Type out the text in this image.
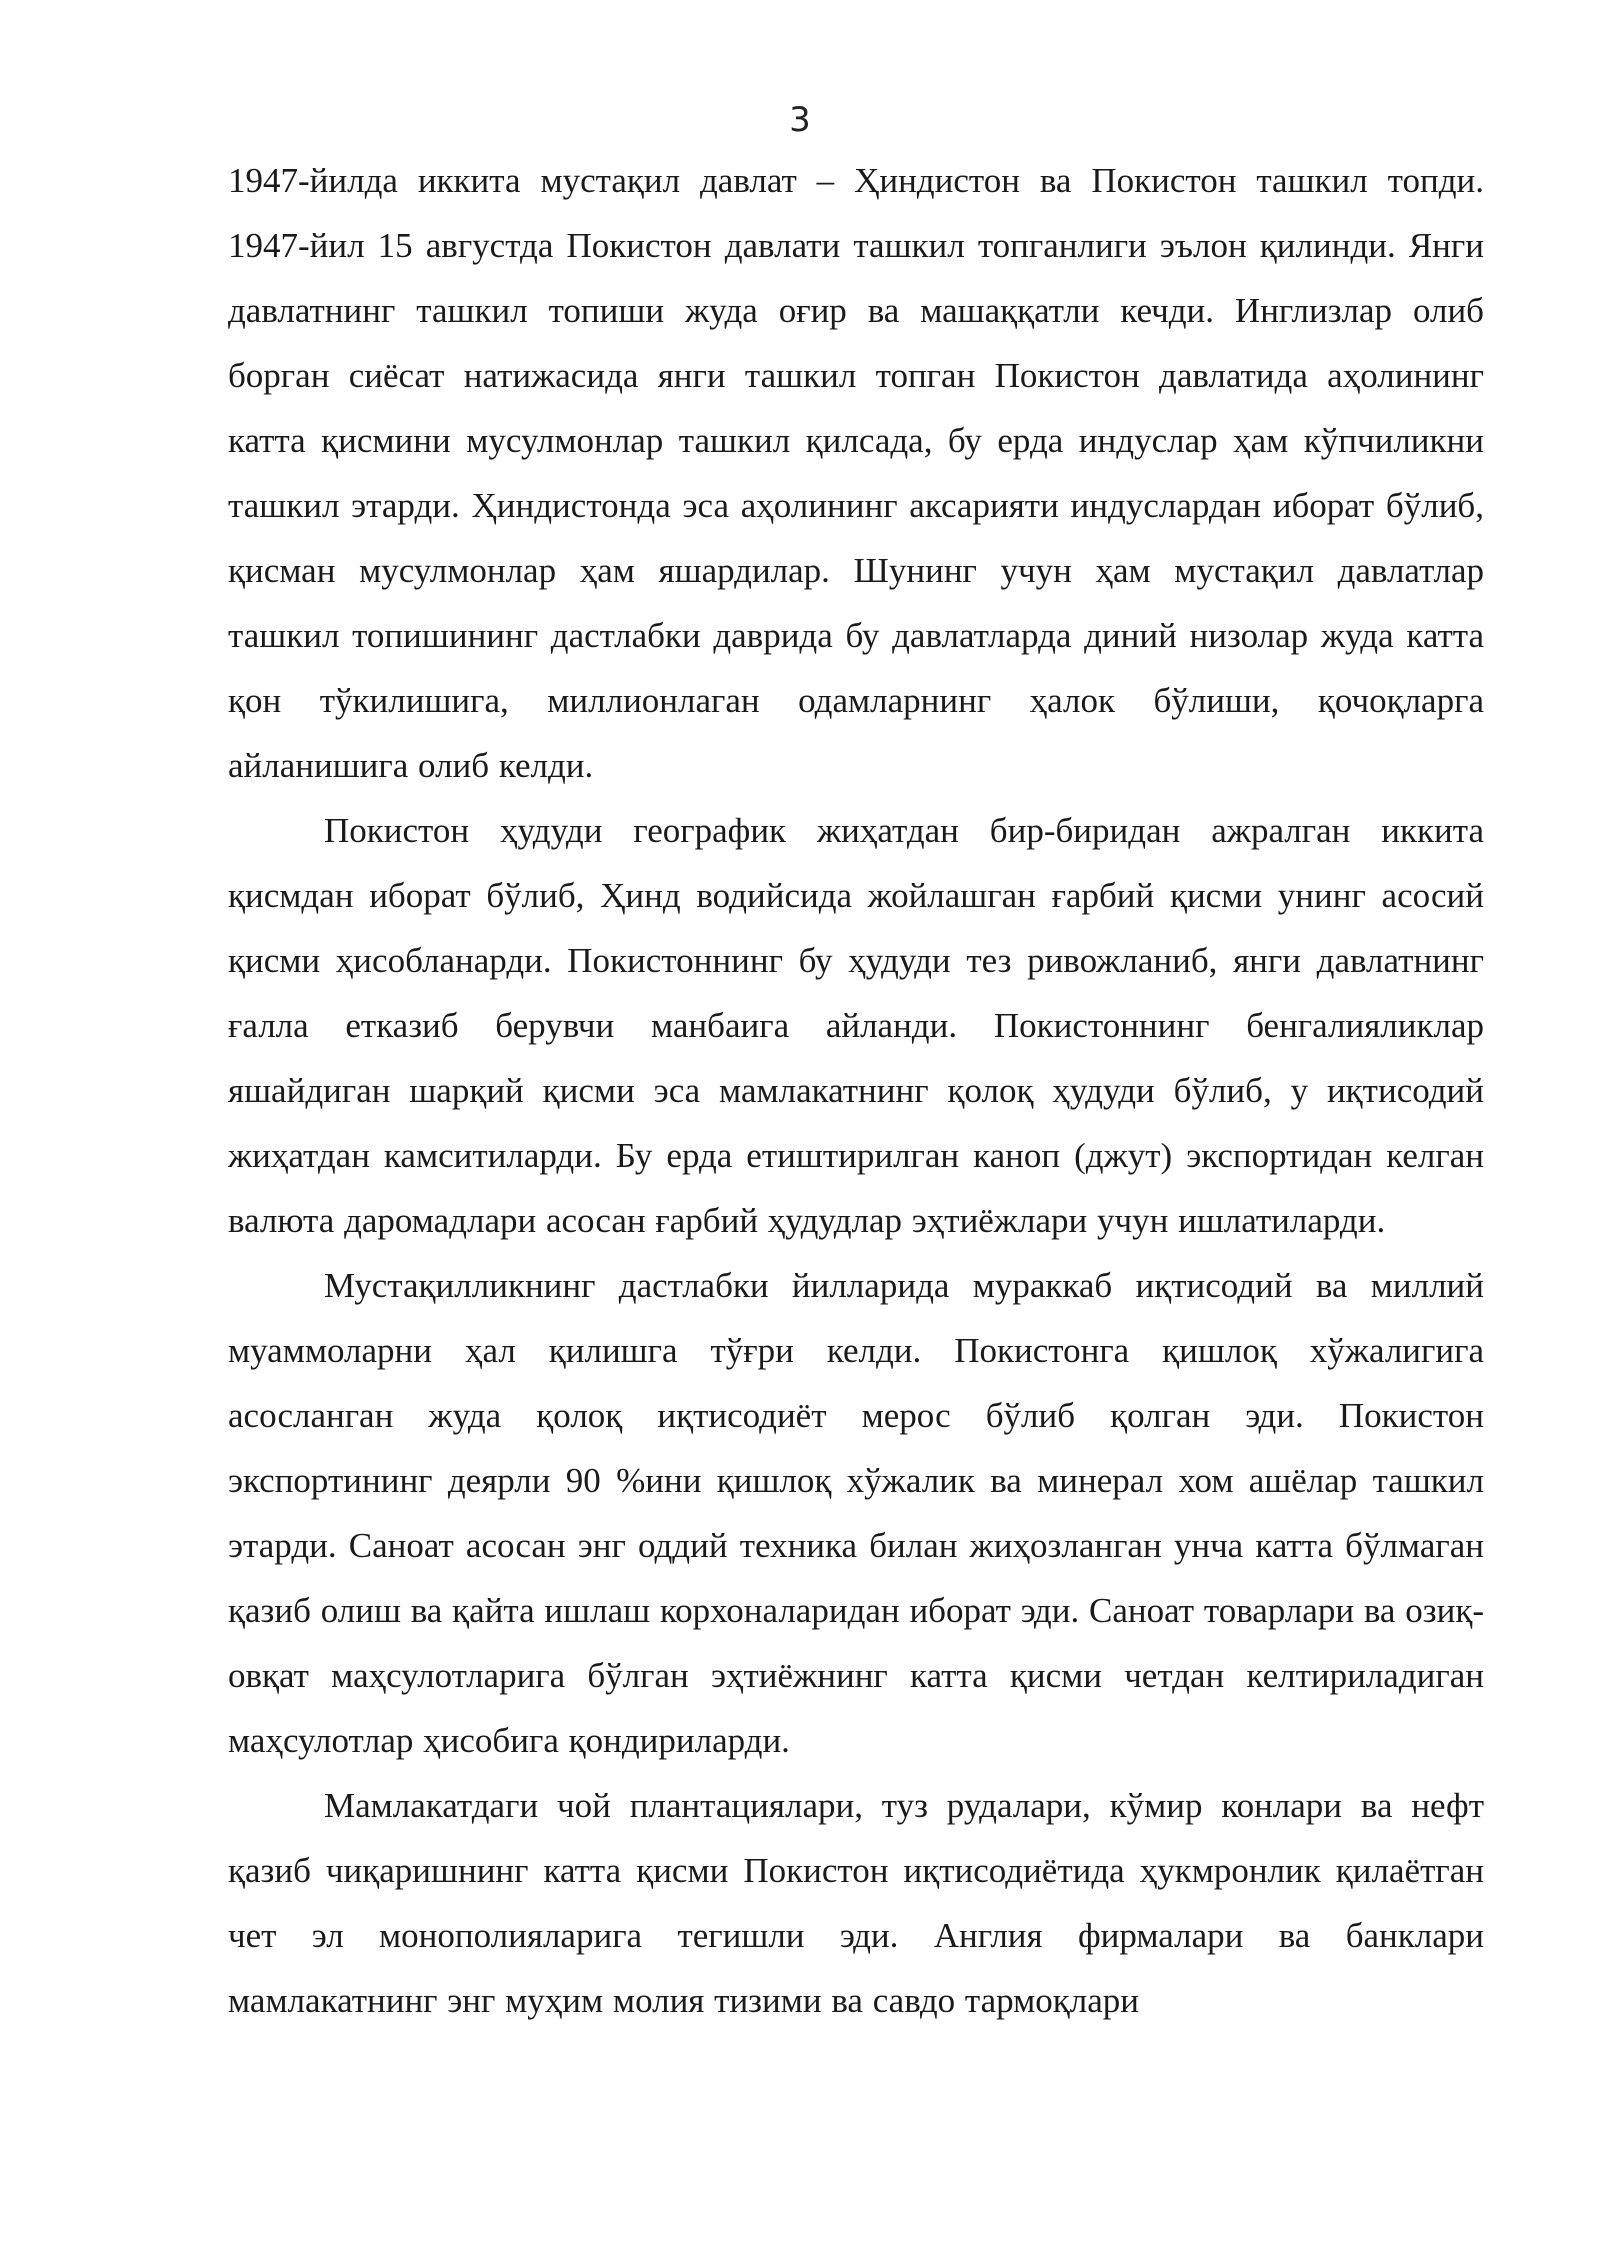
3

1947-йилда иккита мустақил давлат – Ҳиндистон ва Покистон ташкил топди. 1947-йил 15 августда Покистон давлати ташкил топганлиги эълон қилинди. Янги давлатнинг ташкил топиши жуда оғир ва машаққатли кечди. Инглизлар олиб борган сиёсат натижасида янги ташкил топган Покистон давлатида аҳолининг катта қисмини мусулмонлар ташкил қилсада, бу ерда индуслар ҳам кўпчиликни ташкил этарди. Ҳиндистонда эса аҳолининг аксарияти индуслардан иборат бўлиб, қисман мусулмонлар ҳам яшардилар. Шунинг учун ҳам мустақил давлатлар ташкил топишининг дастлабки даврида бу давлатларда диний низолар жуда катта қон тўкилишига, миллионлаган одамларнинг ҳалок бўлиши, қочоқларга айланишига олиб келди.

Покистон ҳудуди географик жиҳатдан бир-биридан ажралган иккита қисмдан иборат бўлиб, Ҳинд водийсида жойлашган ғарбий қисми унинг асосий қисми ҳисобланарди. Покистоннинг бу ҳудуди тез ривожланиб, янги давлатнинг ғалла етказиб берувчи манбаига айланди. Покистоннинг бенгалияликлар яшайдиган шарқий қисми эса мамлакатнинг қолоқ ҳудуди бўлиб, у иқтисодий жиҳатдан камситиларди. Бу ерда етиштирилган каноп (джут) экспортидан келган валюта даромадлари асосан ғарбий ҳудудлар эҳтиёжлари учун ишлатиларди.

Мустақилликнинг дастлабки йилларида мураккаб иқтисодий ва миллий муаммоларни ҳал қилишга тўғри келди. Покистонга қишлоқ хўжалигига асосланган жуда қолоқ иқтисодиёт мерос бўлиб қолган эди. Покистон экспортининг деярли 90 %ини қишлоқ хўжалик ва минерал хом ашёлар ташкил этарди. Саноат асосан энг оддий техника билан жиҳозланган унча катта бўлмаган қазиб олиш ва қайта ишлаш корхоналаридан иборат эди. Саноат товарлари ва озиқ-овқат маҳсулотларига бўлган эҳтиёжнинг катта қисми четдан келтириладиган маҳсулотлар ҳисобига қондириларди.

Мамлакатдаги чой плантациялари, туз рудалари, кўмир конлари ва нефт қазиб чиқаришнинг катта қисми Покистон иқтисодиётида ҳукмронлик қилаётган чет эл монополияларига тегишли эди. Англия фирмалари ва банклари мамлакатнинг энг муҳим молия тизими ва савдо тармоқлари
